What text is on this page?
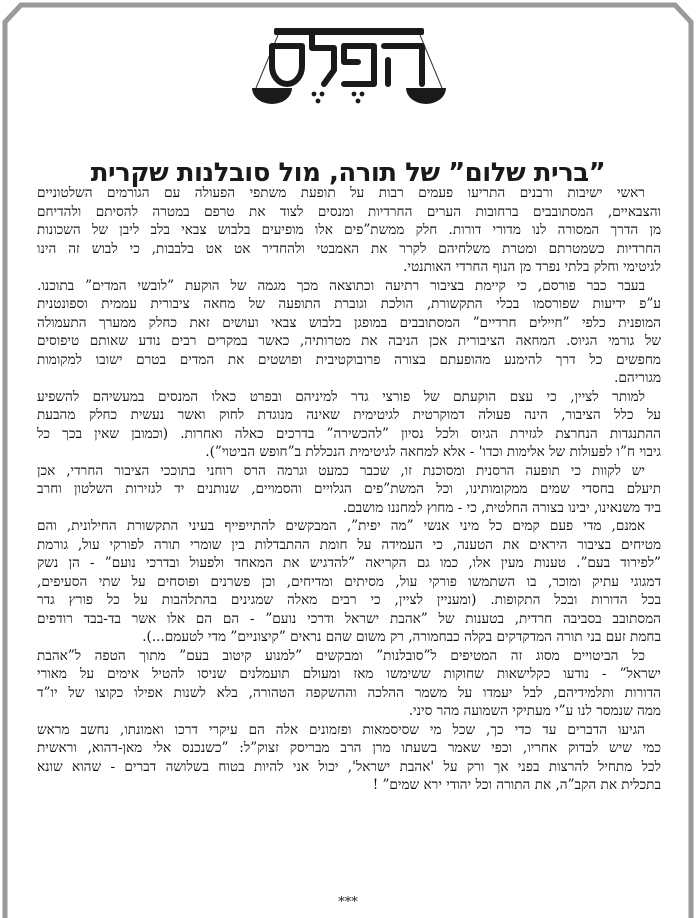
”ברית שלום” של תורה, מול סובלנות שקרית

ראשי ישיבות ורבנים התריעו פעמים רבות על תופעת משתפי הפעולה עם הגורמים השלטוניים
והצבאיים, המסתובבים ברחובות הערים החרדיות ומנסים לצוד את טרפם במטרה להסיתם ולהדיחם
מן הדרך המסורה לנו מדורי דורות. חלק ממשת”פים אלו מופיעים בלבוש צבאי בלב ליבן של השכונות
החרדיות כשמטרתם ומטרת משלחיהם לקרר את האמבטי ולהחדיר אט אט בלבבות, כי לבוש זה הינו
לגיטימי וחלק בלתי נפרד מן הנוף החרדי האותנטי.

בעבר כבר פורסם, כי קיימת בציבור רתיעה וכתוצאה מכך מגמה של הוקעת ”לובשי המדים” בתוכנו.
ע”פ ידיעות שפורסמו בכלי התקשורת, הולכת וגוברת התופעה של מחאה ציבורית עממית וספונטנית
המופנית כלפי ”חיילים חרדיים” המסתובבים במופגן בלבוש צבאי ועושים זאת כחלק ממערך התעמולה
של גורמי הגיוס. המחאה הציבורית אכן הניבה את מטרותיה, כאשר במקרים רבים נודע שאותם טיפוסים
מחפשים כל דרך להימנע מהופעתם בצורה פרובוקטיבית ופושטים את המדים בטרם ישובו למקומות
מגוריהם.

למותר לציין, כי עצם הוקעתם של פורצי גדר למיניהם ובפרט כאלו המנסים במעשיהם להשפיע
על כלל הציבור, הינה פעולה דמוקרטית לגיטימית שאינה מנוגדת לחוק ואשר נעשית כחלק מהבעת
ההתנגדות הנחרצת לגזירת הגיוס ולכל נסיון ”להכשירה” בדרכים כאלה ואחרות. (וכמובן שאין בכך כל
גיבוי ח”ו לפעולות של אלימות וכדו' - אלא למחאה לגיטימית הנכללת ב”חופש הביטוי”).

יש לקוות כי תופעה הרסנית ומסוכנת זו, שכבר כמעט וגרמה הרס רוחני בתוככי הציבור החרדי, אכן
תיעלם בחסדי שמים ממקומותינו, וכל המשת”פים הגלויים והסמויים, שנותנים יד לגזירות השלטון וחרב
ביד משנאינו, יבינו בצורה החלטית, כי - מחוץ למחננו מושבם.

אמנם, מדי פעם קמים כל מיני אנשי ”מה יפית”, המבקשים להתייפייף בעיני התקשורת החילונית, והם
מטיחים בציבור היראים את הטענה, כי העמידה על חומת ההתבדלות בין שומרי תורה לפורקי עול, גורמת
”לפירוד בעם”. טענות מעין אלו, כמו גם הקריאה ”להדגיש את המאחד ולפעול ובדרכי נועם” - הן נשק
דמגוגי עתיק ומוכר, בו השתמשו פורקי עול, מסיתים ומדיחים, וכן פשרנים ופוסחים על שתי הסעיפים,
בכל הדורות ובכל התקופות. (ומעניין לציין, כי רבים מאלה שמגינים בהתלהבות על כל פורץ גדר
המסתובב בסביבה חרדית, בטענות של ”אהבת ישראל ודרכי נועם” - הם הם אלו אשר בד-בבד רודפים
בחמת זעם בני תורה המדקדקים בקלה כבחמורה, רק משום שהם נראים ”קיצוניים” מדי לטעמם...).

כל הביטויים מסוג זה המטיפים ל”סובלנות” ומבקשים ”למנוע קיטוב בעם” מתוך הטפה ל”אהבת
ישראל” - נודעו כקלישאות שחוקות ששימשו מאז ומעולם תועמלנים שניסו להטיל אימים על מאורי
הדורות ותלמידיהם, לבל יעמדו על משמר ההלכה וההשקפה הטהורה, בלא לשנות אפילו כקוצו של יו”ד
ממה שנמסר לנו ע”י מעתיקי השמועה מהר סיני.

הגיעו הדברים עד כדי כך, שכל מי שסיסמאות ופזמונים אלה הם עיקרי דרכו ואמונתו, נחשב מראש
כמי שיש לבדוק אחריו, וכפי שאמר בשעתו מרן הרב מבריסק זצוק”ל: ”כשנכנס אלי מאן-דהוא, וראשית
לכל מתחיל להרצות בפני אך ורק על 'אהבת ישראל', יכול אני להיות בטוח בשלושה דברים - שהוא שונא
בתכלית את הקב”ה, את התורה וכל יהודי ירא שמים” !

***
